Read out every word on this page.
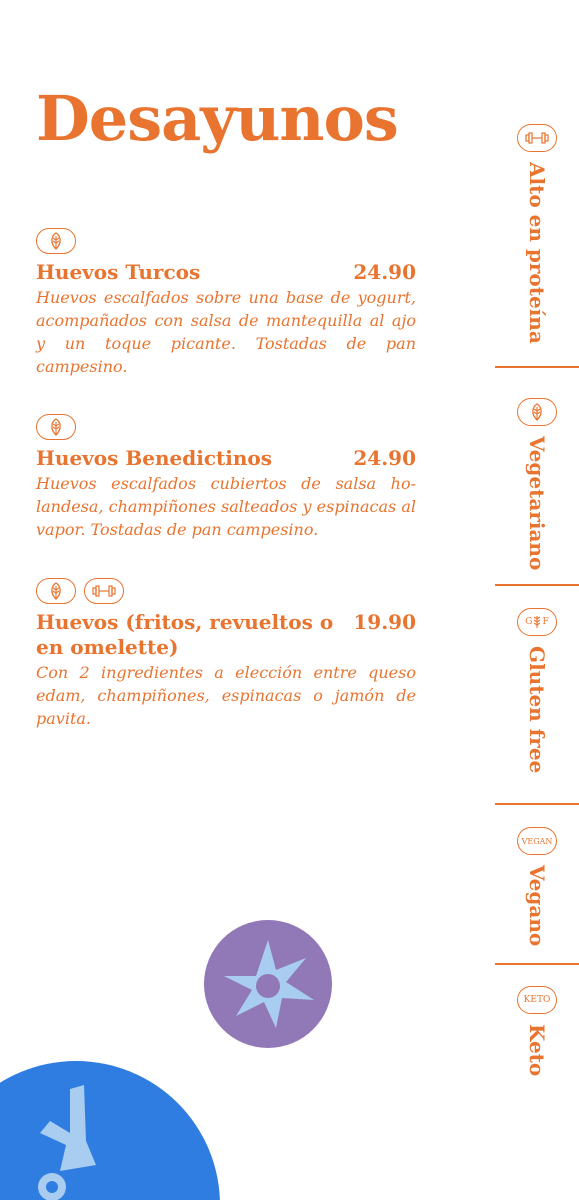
Desayunos
Huevos Turcos	24.90
Huevos escalfados sobre una base de yogurt, acompañados con salsa de mantequilla al ajo y un toque picante. Tostadas de pan campesino.
Huevos Benedictinos	24.90
Huevos escalfados cubiertos de salsa holandesa, champiñones salteados y espinacas al vapor. Tostadas de pan campesino.
Huevos (fritos, revueltos o en omelette)
19.90
Con 2 ingredientes a elección entre queso edam, champiñones, espinacas o jamón de pavita.
Alto en proteína
Vegetariano
G F
Gluten free
VEGAN
Vegano
KETO
Keto
